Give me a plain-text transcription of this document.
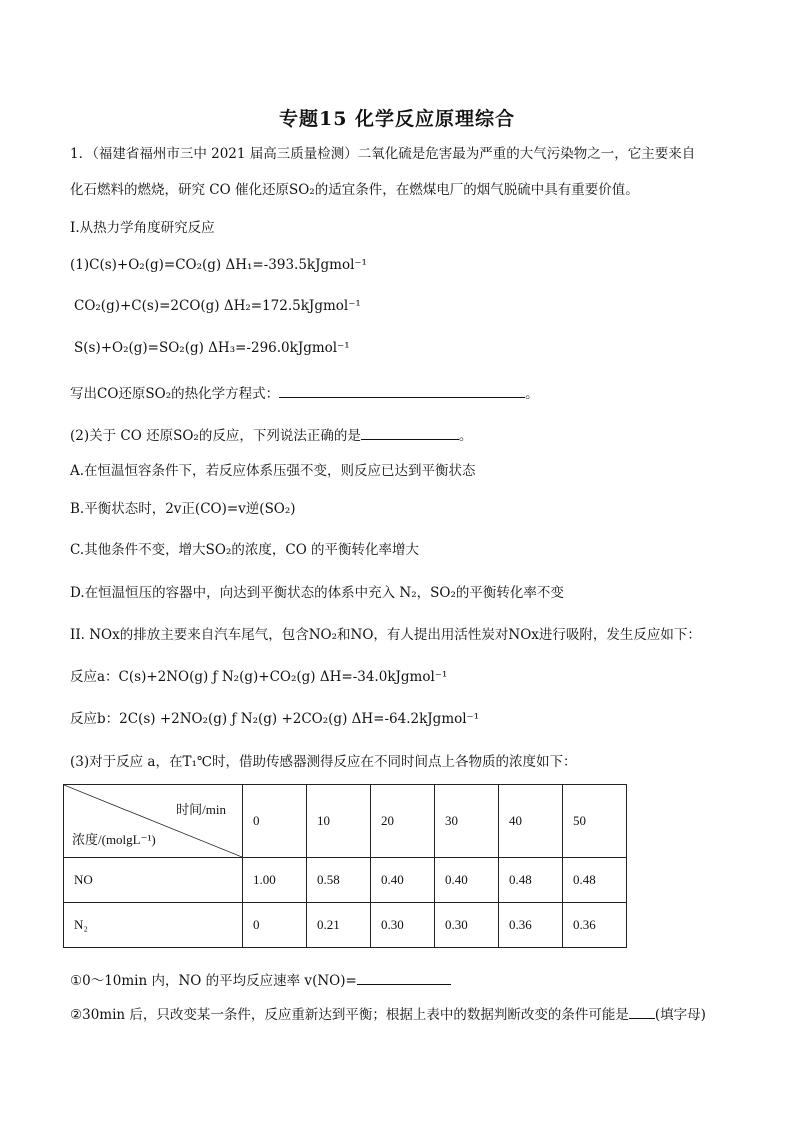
专题15 化学反应原理综合
1．（福建省福州市三中 2021 届高三质量检测）二氧化硫是危害最为严重的大气污染物之一，它主要来自
化石燃料的燃烧，研究 CO 催化还原SO₂的适宜条件，在燃煤电厂的烟气脱硫中具有重要价值。
I.从热力学角度研究反应
(1)C(s)+O₂(g)=CO₂(g) ΔH₁=-393.5kJgmol⁻¹
CO₂(g)+C(s)=2CO(g) ΔH₂=172.5kJgmol⁻¹
S(s)+O₂(g)=SO₂(g) ΔH₃=-296.0kJgmol⁻¹
写出CO还原SO₂的热化学方程式：	。
(2)关于 CO 还原SO₂的反应，下列说法正确的是	。
A.在恒温恒容条件下，若反应体系压强不变，则反应已达到平衡状态
B.平衡状态时，2v正(CO)=v逆(SO₂)
C.其他条件不变，增大SO₂的浓度，CO 的平衡转化率增大
D.在恒温恒压的容器中，向达到平衡状态的体系中充入 N₂，SO₂的平衡转化率不变
II. NOx的排放主要来自汽车尾气，包含NO₂和NO，有人提出用活性炭对NOx进行吸附，发生反应如下：
反应a：C(s)+2NO(g) ƒ N₂(g)+CO₂(g) ΔH=-34.0kJgmol⁻¹
反应b：2C(s) +2NO₂(g) ƒ N₂(g) +2CO₂(g) ΔH=-64.2kJgmol⁻¹
(3)对于反应 a，在T₁℃时，借助传感器测得反应在不同时间点上各物质的浓度如下：
时间/min
浓度/(molgL⁻¹)	0	10	20	30	40	50
NO	1.00	0.58	0.40	0.40	0.48	0.48
N₂	0	0.21	0.30	0.30	0.36	0.36
①0～10min 内，NO 的平均反应速率 v(NO)=
②30min 后，只改变某一条件，反应重新达到平衡；根据上表中的数据判断改变的条件可能是 (填字母)
